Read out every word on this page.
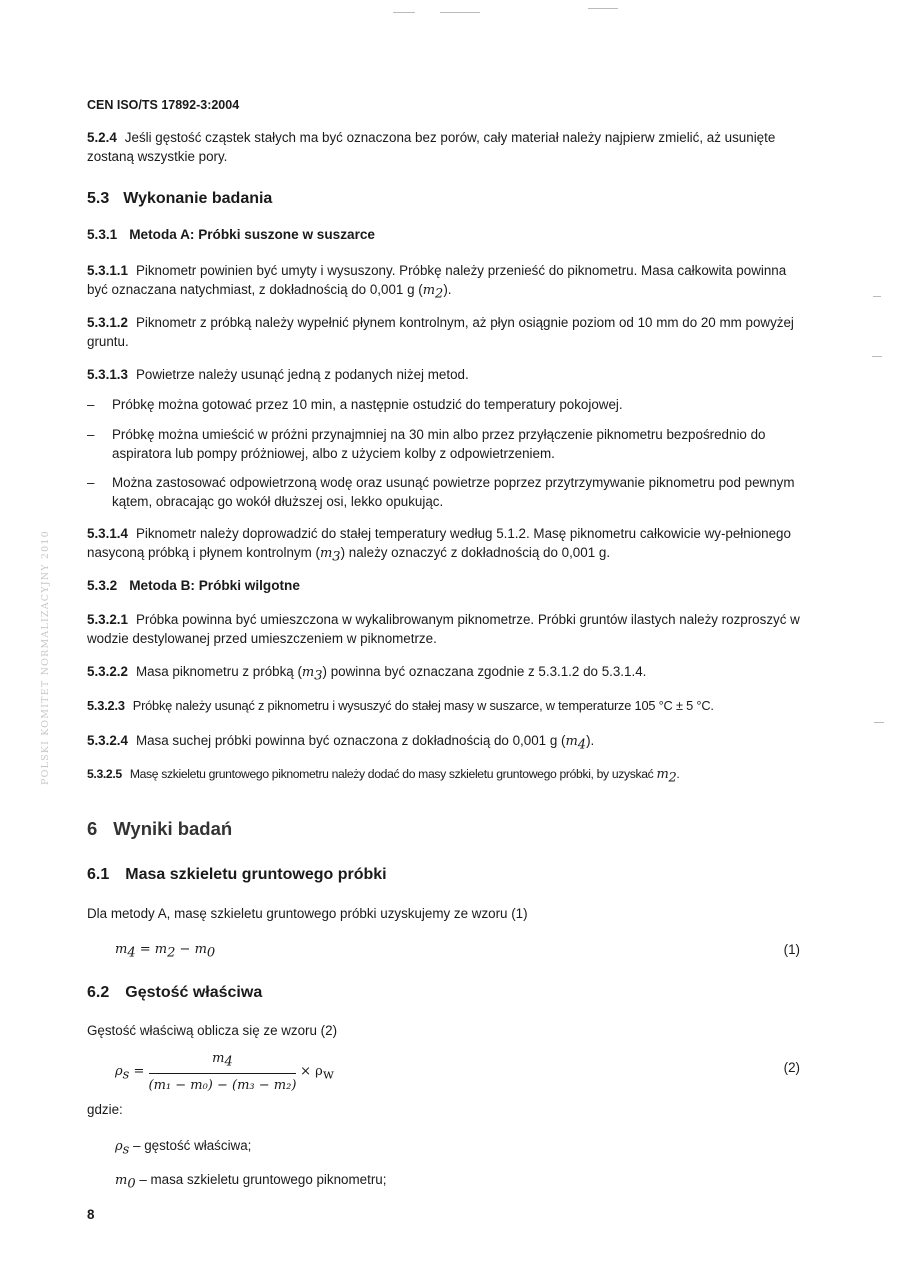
CEN ISO/TS 17892-3:2004
POLSKI KOMITET NORMALIZACYJNY 2010
5.2.4 Jeśli gęstość cząstek stałych ma być oznaczona bez porów, cały materiał należy najpierw zmielić, aż usunięte zostaną wszystkie pory.
5.3 Wykonanie badania
5.3.1 Metoda A: Próbki suszone w suszarce
5.3.1.1 Piknometr powinien być umyty i wysuszony. Próbkę należy przenieść do piknometru. Masa całkowita powinna być oznaczana natychmiast, z dokładnością do 0,001 g $(m_2)$.
5.3.1.2 Piknometr z próbką należy wypełnić płynem kontrolnym, aż płyn osiągnie poziom od 10 mm do 20 mm powyżej gruntu.
5.3.1.3 Powietrze należy usunąć jedną z podanych niżej metod.
– Próbkę można gotować przez 10 min, a następnie ostudzić do temperatury pokojowej.
– Próbkę można umieścić w próżni przynajmniej na 30 min albo przez przyłączenie piknometru bezpośrednio do aspiratora lub pompy próżniowej, albo z użyciem kolby z odpowietrzeniem.
– Można zastosować odpowietrzoną wodę oraz usunąć powietrze poprzez przytrzymywanie piknometru pod pewnym kątem, obracając go wokół dłuższej osi, lekko opukując.
5.3.1.4 Piknometr należy doprowadzić do stałej temperatury według 5.1.2. Masę piknometru całkowicie wy-pełnionego nasyconą próbką i płynem kontrolnym $(m_3)$ należy oznaczyć z dokładnością do 0,001 g.
5.3.2 Metoda B: Próbki wilgotne
5.3.2.1 Próbka powinna być umieszczona w wykalibrowanym piknometrze. Próbki gruntów ilastych należy rozproszyć w wodzie destylowanej przed umieszczeniem w piknometrze.
5.3.2.2 Masa piknometru z próbką $(m_3)$ powinna być oznaczana zgodnie z 5.3.1.2 do 5.3.1.4.
5.3.2.3 Próbkę należy usunąć z piknometru i wysuszyć do stałej masy w suszarce, w temperaturze 105 °C ± 5 °C.
5.3.2.4 Masa suchej próbki powinna być oznaczona z dokładnością do 0,001 g $(m_4)$.
5.3.2.5 Masę szkieletu gruntowego piknometru należy dodać do masy szkieletu gruntowego próbki, by uzyskać $m_2$.
6 Wyniki badań
6.1 Masa szkieletu gruntowego próbki
Dla metody A, masę szkieletu gruntowego próbki uzyskujemy ze wzoru (1)
$m_4 = m_2 - m_0$	(1)
6.2 Gęstość właściwa
Gęstość właściwą oblicza się ze wzoru (2)
$\rho_s = \frac{m_4}{\text{(m₁ − m₀) − (m₃ − m₂)}} \times \rho_w$
(2)
gdzie:
$\rho_s$ – gęstość właściwa;
$m_0$ – masa szkieletu gruntowego piknometru;
8
